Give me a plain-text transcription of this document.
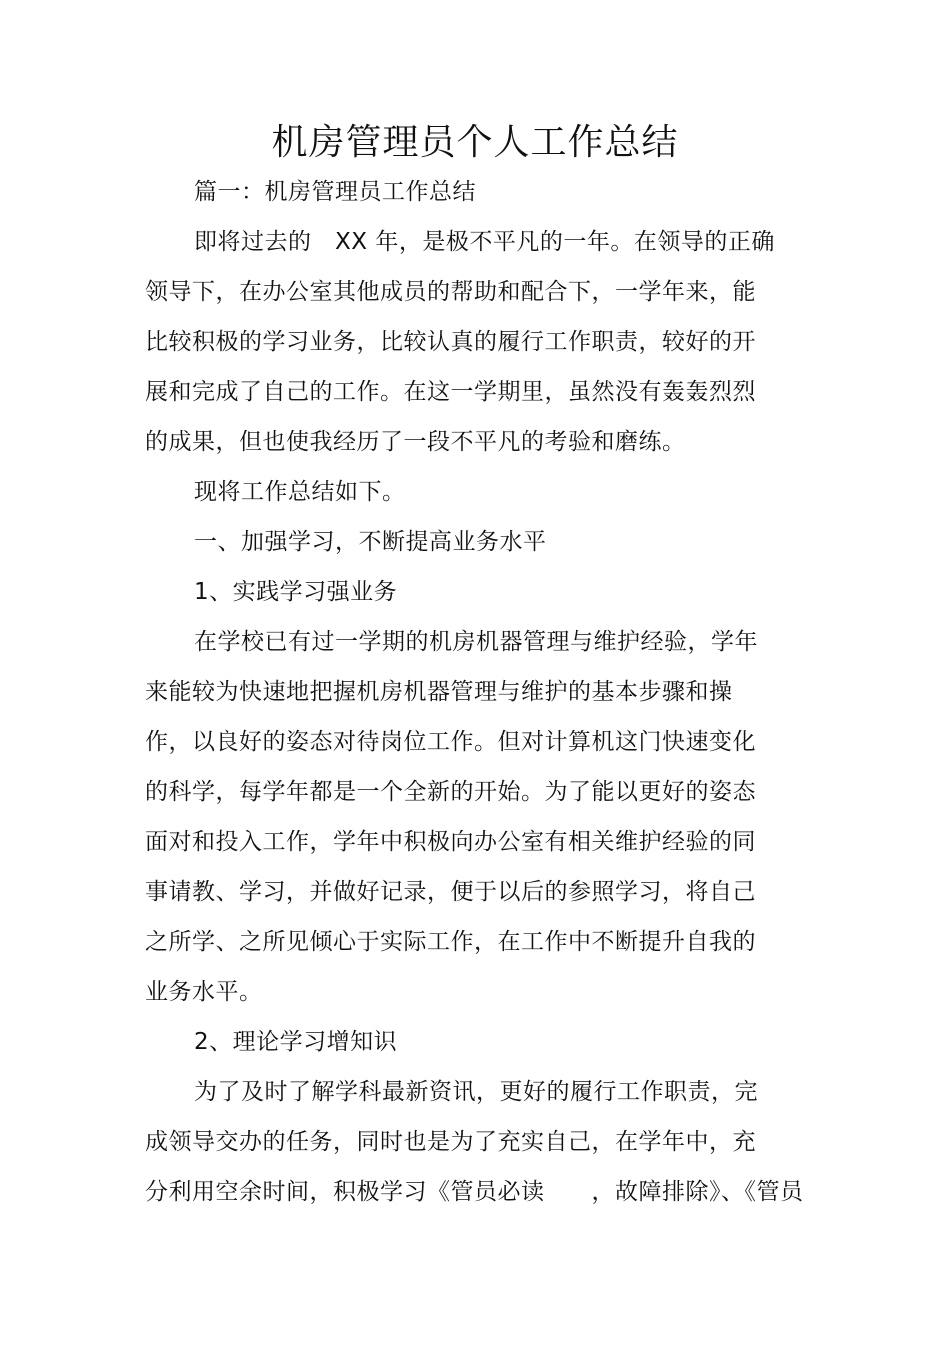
机房管理员个人工作总结
篇一：机房管理员工作总结
即将过去的　XX 年，是极不平凡的一年。在领导的正确
领导下，在办公室其他成员的帮助和配合下，一学年来，能
比较积极的学习业务，比较认真的履行工作职责，较好的开
展和完成了自己的工作。在这一学期里，虽然没有轰轰烈烈
的成果，但也使我经历了一段不平凡的考验和磨练。
现将工作总结如下。
一、加强学习，不断提高业务水平
1、实践学习强业务
在学校已有过一学期的机房机器管理与维护经验，学年
来能较为快速地把握机房机器管理与维护的基本步骤和操
作，以良好的姿态对待岗位工作。但对计算机这门快速变化
的科学，每学年都是一个全新的开始。为了能以更好的姿态
面对和投入工作，学年中积极向办公室有相关维护经验的同
事请教、学习，并做好记录，便于以后的参照学习，将自己
之所学、之所见倾心于实际工作，在工作中不断提升自我的
业务水平。
2、理论学习增知识
为了及时了解学科最新资讯，更好的履行工作职责，完
成领导交办的任务，同时也是为了充实自己，在学年中，充
分利用空余时间，积极学习《管员必读　　，故障排除》、《管员
